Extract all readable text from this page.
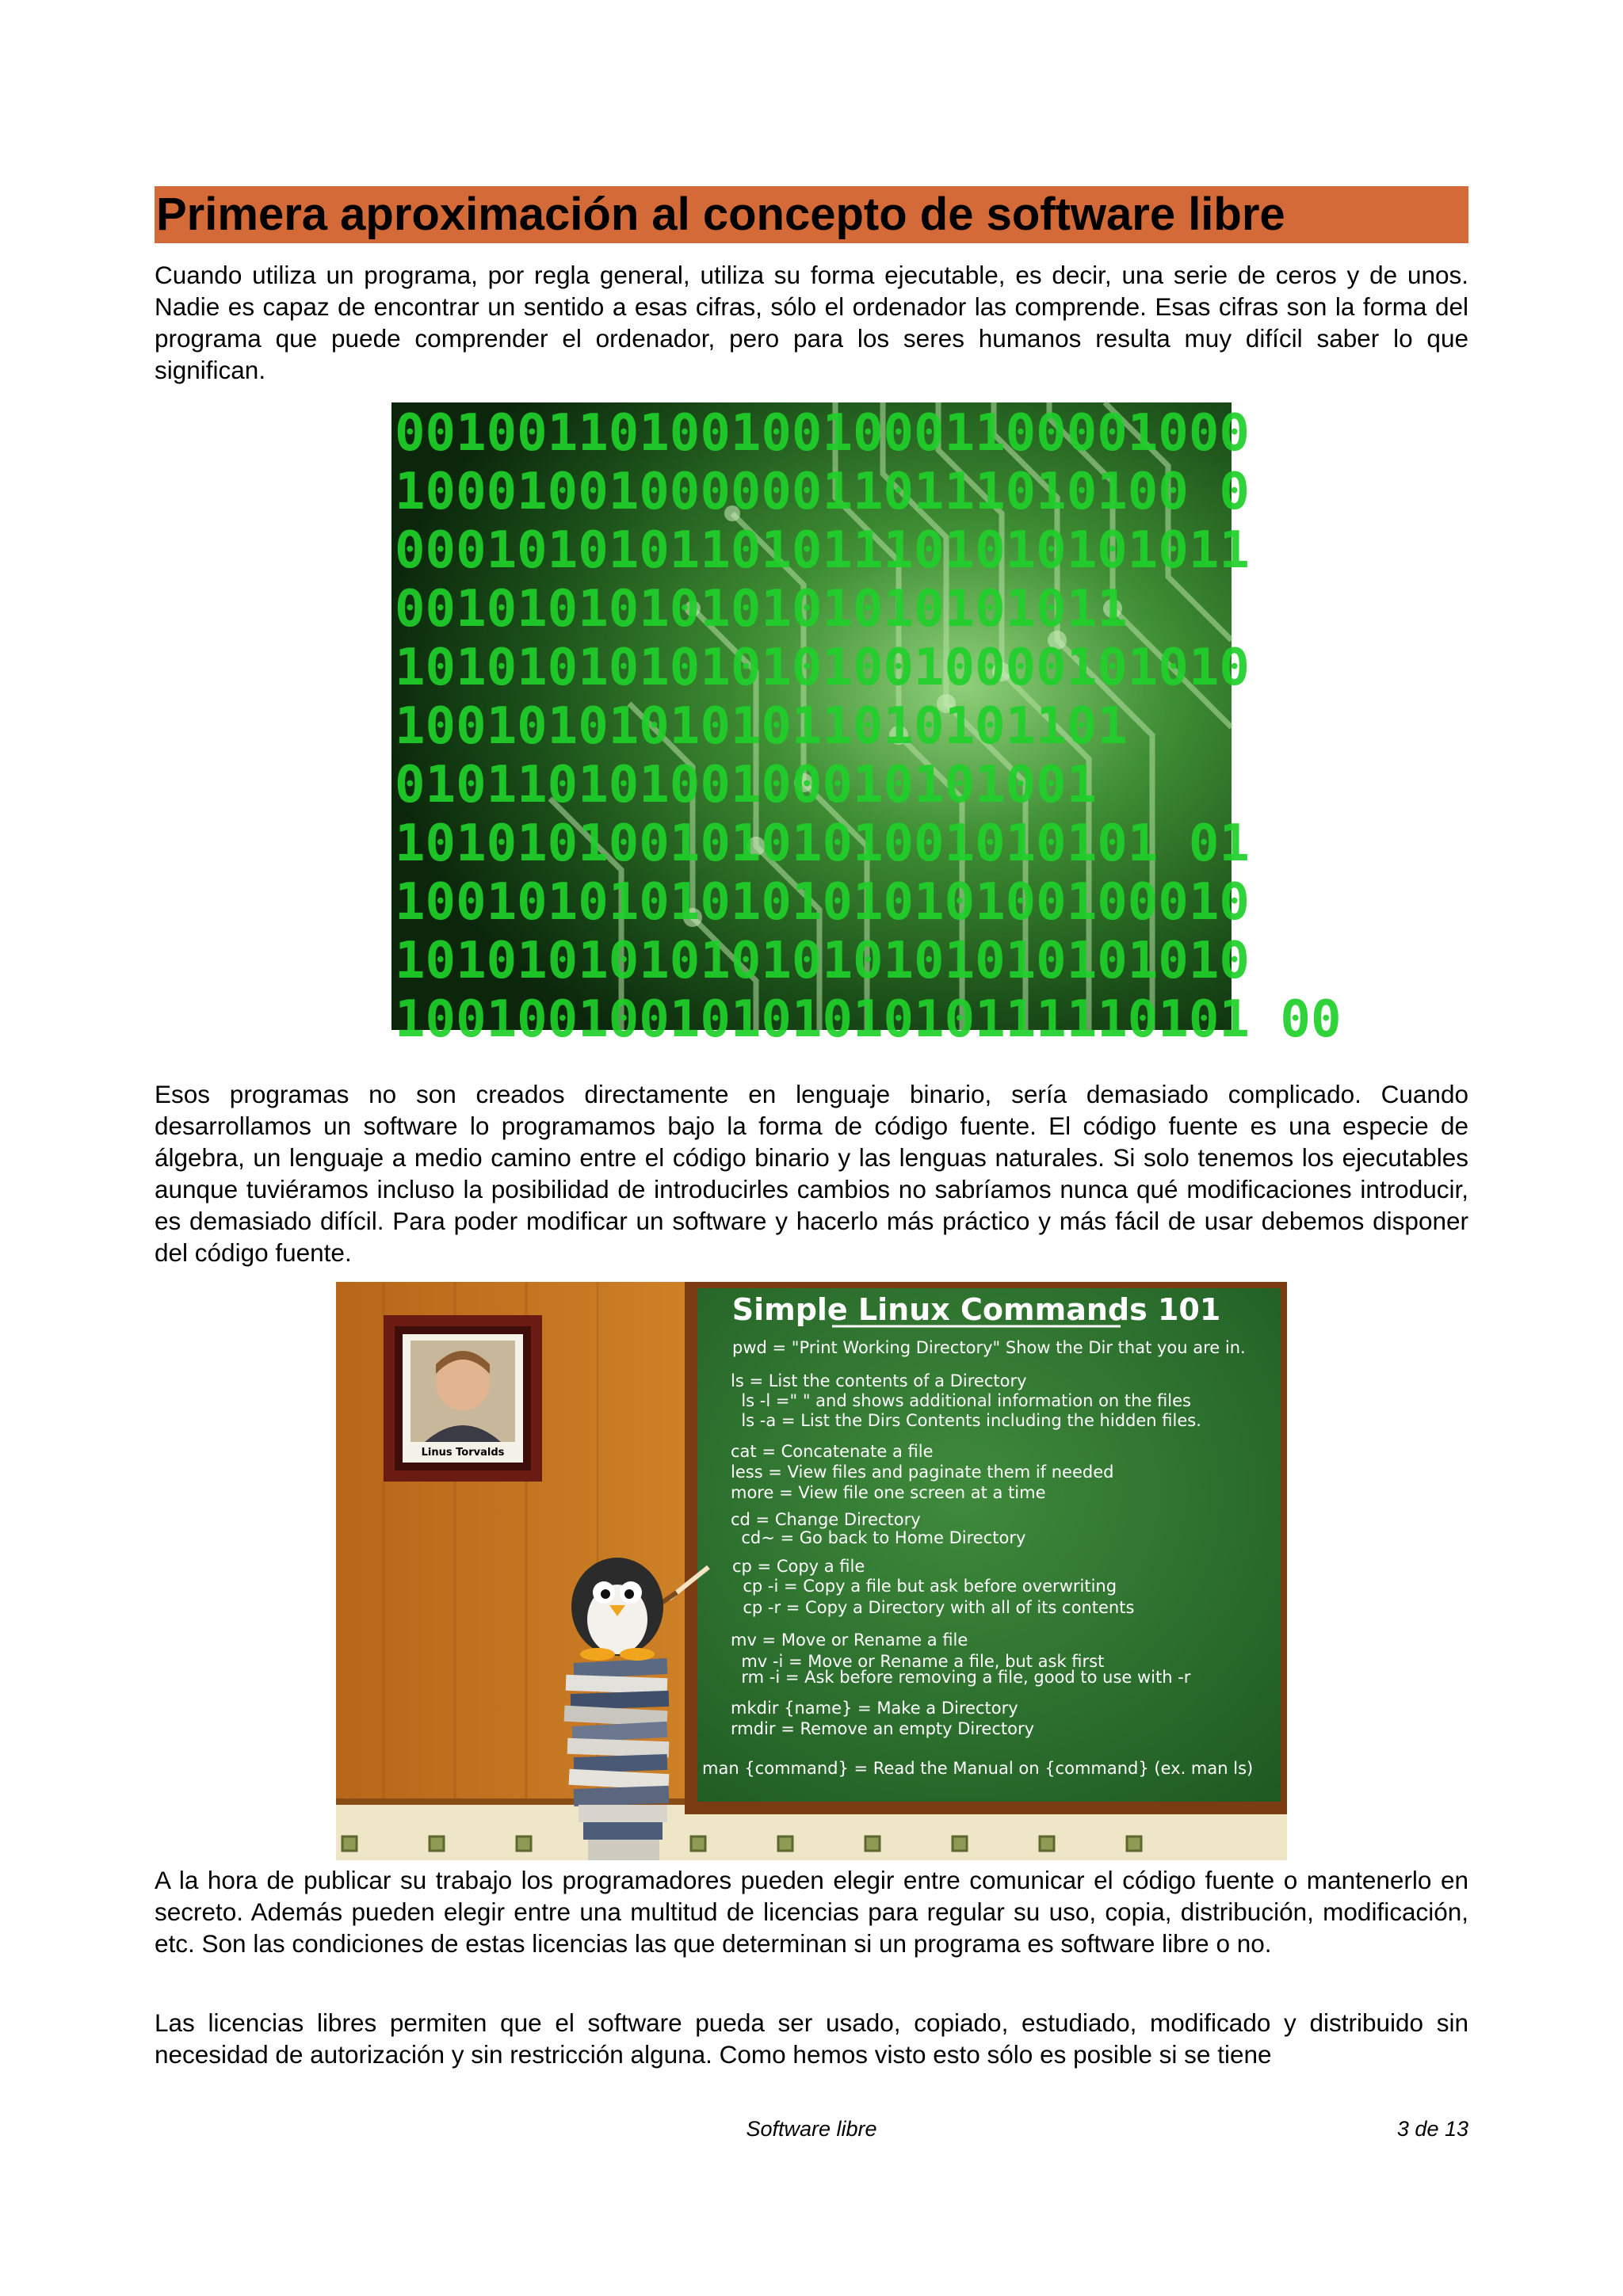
Primera aproximación al concepto de software libre

Cuando utiliza un programa, por regla general, utiliza su forma ejecutable, es decir, una serie de ceros y de unos. Nadie es capaz de encontrar un sentido a esas cifras, sólo el ordenador las comprende. Esas cifras son la forma del programa que puede comprender el ordenador, pero para los seres humanos resulta muy difícil saber lo que significan.

0010011010010010001100001000
10001001000000110111010100 0
0001010101101011101010101011
001010101010101010101011
1010101010101010010000101010
100101010101011010101101
01011010100100010101001
1010101001010101001010101 01
1001010101010101010100100010
1010101010101010101010101010
1001001001010101010111110101 00

Esos programas no son creados directamente en lenguaje binario, sería demasiado complicado. Cuando desarrollamos un software lo programamos bajo la forma de código fuente. El código fuente es una especie de álgebra, un lenguaje a medio camino entre el código binario y las lenguas naturales. Si solo tenemos los ejecutables aunque tuviéramos incluso la posibilidad de introducirles cambios no sabríamos nunca qué modificaciones introducir, es demasiado difícil. Para poder modificar un software y hacerlo más práctico y más fácil de usar debemos disponer del código fuente.

Linus Torvalds
Simple Linux Commands 101
pwd = "Print Working Directory" Show the Dir that you are in.
ls = List the contents of a Directory
ls -l =" " and shows additional information on the files
ls -a = List the Dirs Contents including the hidden files.
cat = Concatenate a file
less = View files and paginate them if needed
more = View file one screen at a time
cd = Change Directory
cd~ = Go back to Home Directory
cp = Copy a file
cp -i = Copy a file but ask before overwriting
cp -r = Copy a Directory with all of its contents
mv = Move or Rename a file
mv -i = Move or Rename a file, but ask first
rm -i = Ask before removing a file, good to use with -r
mkdir {name} = Make a Directory
rmdir = Remove an empty Directory
man {command} = Read the Manual on {command} (ex. man ls)

A la hora de publicar su trabajo los programadores pueden elegir entre comunicar el código fuente o mantenerlo en secreto. Además pueden elegir entre una multitud de licencias para regular su uso, copia, distribución, modificación, etc. Son las condiciones de estas licencias las que determinan si un programa es software libre o no.

Las licencias libres permiten que el software pueda ser usado, copiado, estudiado, modificado y distribuido sin necesidad de autorización y sin restricción alguna. Como hemos visto esto sólo es posible si se tiene

Software libre	3 de 13
